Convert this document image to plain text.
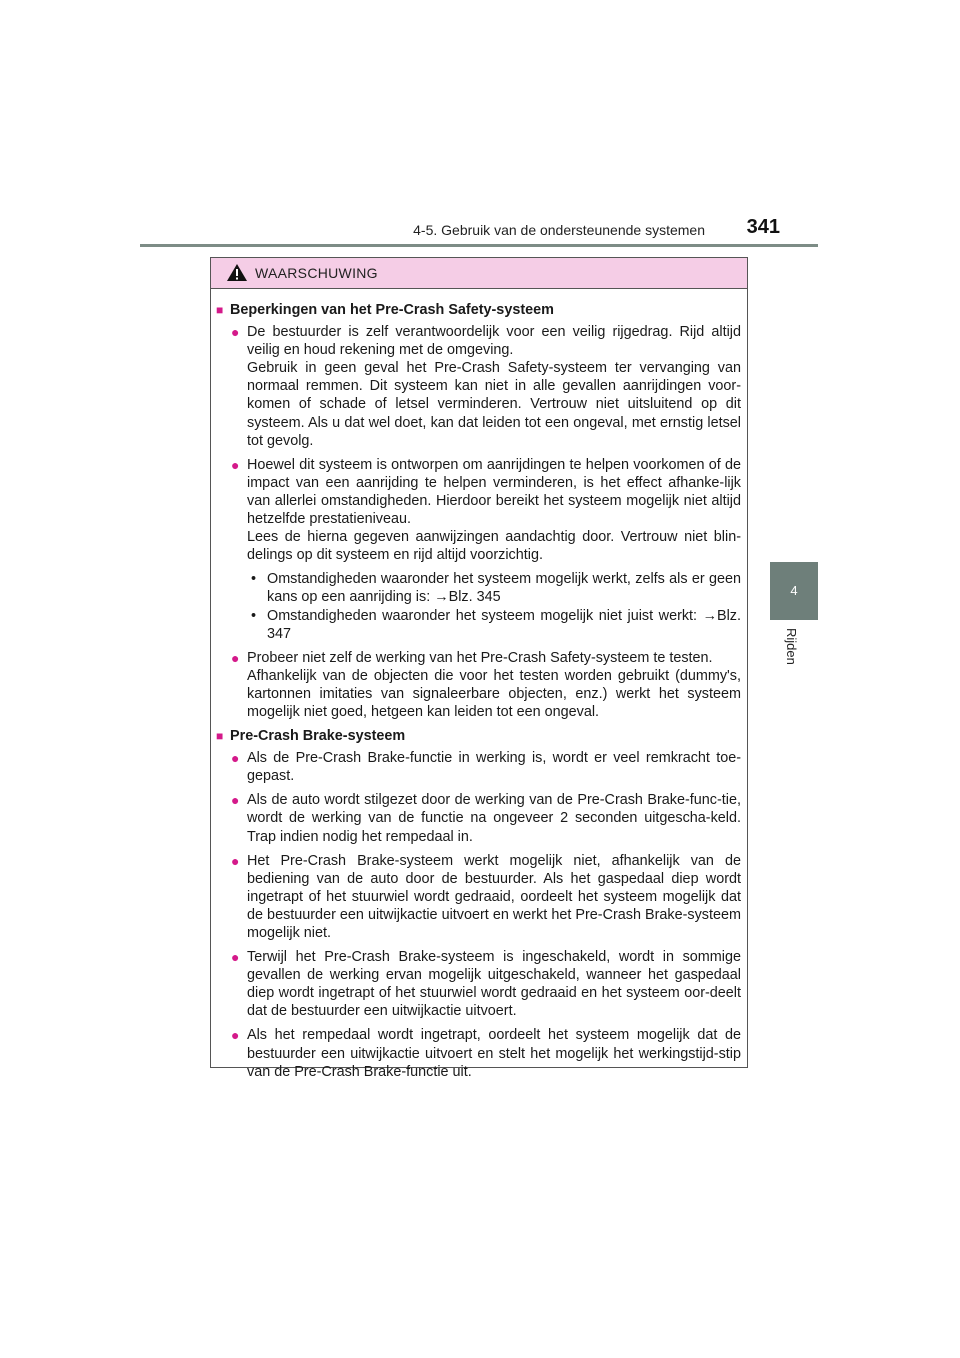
4-5. Gebruik van de ondersteunende systemen 341
4
Rijden
WAARSCHUWING
■ Beperkingen van het Pre-Crash Safety-systeem
● De bestuurder is zelf verantwoordelijk voor een veilig rijgedrag. Rijd altijd veilig en houd rekening met de omgeving.

Gebruik in geen geval het Pre-Crash Safety-systeem ter vervanging van normaal remmen. Dit systeem kan niet in alle gevallen aanrijdingen voor-komen of schade of letsel verminderen. Vertrouw niet uitsluitend op dit systeem. Als u dat wel doet, kan dat leiden tot een ongeval, met ernstig letsel tot gevolg.

● Hoewel dit systeem is ontworpen om aanrijdingen te helpen voorkomen of de impact van een aanrijding te helpen verminderen, is het effect afhanke-lijk van allerlei omstandigheden. Hierdoor bereikt het systeem mogelijk niet altijd hetzelfde prestatieniveau.

Lees de hierna gegeven aanwijzingen aandachtig door. Vertrouw niet blin-delings op dit systeem en rijd altijd voorzichtig.

• Omstandigheden waaronder het systeem mogelijk werkt, zelfs als er geen kans op een aanrijding is: →Blz. 345
• Omstandigheden waaronder het systeem mogelijk niet juist werkt: →Blz. 347
● Probeer niet zelf de werking van het Pre-Crash Safety-systeem te testen.

Afhankelijk van de objecten die voor het testen worden gebruikt (dummy's, kartonnen imitaties van signaleerbare objecten, enz.) werkt het systeem mogelijk niet goed, hetgeen kan leiden tot een ongeval.

■ Pre-Crash Brake-systeem
● Als de Pre-Crash Brake-functie in werking is, wordt er veel remkracht toe-gepast.
● Als de auto wordt stilgezet door de werking van de Pre-Crash Brake-func-tie, wordt de werking van de functie na ongeveer 2 seconden uitgescha-keld. Trap indien nodig het rempedaal in.
● Het Pre-Crash Brake-systeem werkt mogelijk niet, afhankelijk van de bediening van de auto door de bestuurder. Als het gaspedaal diep wordt ingetrapt of het stuurwiel wordt gedraaid, oordeelt het systeem mogelijk dat de bestuurder een uitwijkactie uitvoert en werkt het Pre-Crash Brake-systeem mogelijk niet.
● Terwijl het Pre-Crash Brake-systeem is ingeschakeld, wordt in sommige gevallen de werking ervan mogelijk uitgeschakeld, wanneer het gaspedaal diep wordt ingetrapt of het stuurwiel wordt gedraaid en het systeem oor-deelt dat de bestuurder een uitwijkactie uitvoert.
● Als het rempedaal wordt ingetrapt, oordeelt het systeem mogelijk dat de bestuurder een uitwijkactie uitvoert en stelt het mogelijk het werkingstijd-stip van de Pre-Crash Brake-functie uit.
